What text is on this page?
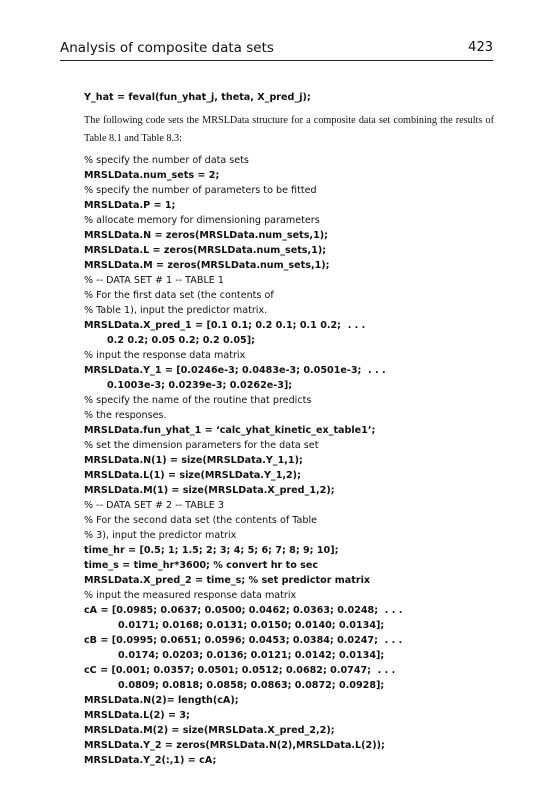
Analysis of composite data sets	423
Y_hat = feval(fun_yhat_j, theta, X_pred_j);
The following code sets the MRSLData structure for a composite data set combining the results of Table 8.1 and Table 8.3:
% specify the number of data sets
MRSLData.num_sets = 2;
% specify the number of parameters to be fitted
MRSLData.P = 1;
% allocate memory for dimensioning parameters
MRSLData.N = zeros(MRSLData.num_sets,1);
MRSLData.L = zeros(MRSLData.num_sets,1);
MRSLData.M = zeros(MRSLData.num_sets,1);
% -- DATA SET # 1 -- TABLE 1
% For the first data set (the contents of
% Table 1), input the predictor matrix.
MRSLData.X_pred_1 = [0.1 0.1; 0.2 0.1; 0.1 0.2;  . . .
0.2 0.2; 0.05 0.2; 0.2 0.05];
% input the response data matrix
MRSLData.Y_1 = [0.0246e-3; 0.0483e-3; 0.0501e-3;  . . .
0.1003e-3; 0.0239e-3; 0.0262e-3];
% specify the name of the routine that predicts
% the responses.
MRSLData.fun_yhat_1 = ‘calc_yhat_kinetic_ex_table1’;
% set the dimension parameters for the data set
MRSLData.N(1) = size(MRSLData.Y_1,1);
MRSLData.L(1) = size(MRSLData.Y_1,2);
MRSLData.M(1) = size(MRSLData.X_pred_1,2);
% -- DATA SET # 2 -- TABLE 3
% For the second data set (the contents of Table
% 3), input the predictor matrix
time_hr = [0.5; 1; 1.5; 2; 3; 4; 5; 6; 7; 8; 9; 10];
time_s = time_hr*3600; % convert hr to sec
MRSLData.X_pred_2 = time_s; % set predictor matrix
% input the measured response data matrix
cA = [0.0985; 0.0637; 0.0500; 0.0462; 0.0363; 0.0248;  . . .
0.0171; 0.0168; 0.0131; 0.0150; 0.0140; 0.0134];
cB = [0.0995; 0.0651; 0.0596; 0.0453; 0.0384; 0.0247;  . . .
0.0174; 0.0203; 0.0136; 0.0121; 0.0142; 0.0134];
cC = [0.001; 0.0357; 0.0501; 0.0512; 0.0682; 0.0747;  . . .
0.0809; 0.0818; 0.0858; 0.0863; 0.0872; 0.0928];
MRSLData.N(2)= length(cA);
MRSLData.L(2) = 3;
MRSLData.M(2) = size(MRSLData.X_pred_2,2);
MRSLData.Y_2 = zeros(MRSLData.N(2),MRSLData.L(2));
MRSLData.Y_2(:,1) = cA;
